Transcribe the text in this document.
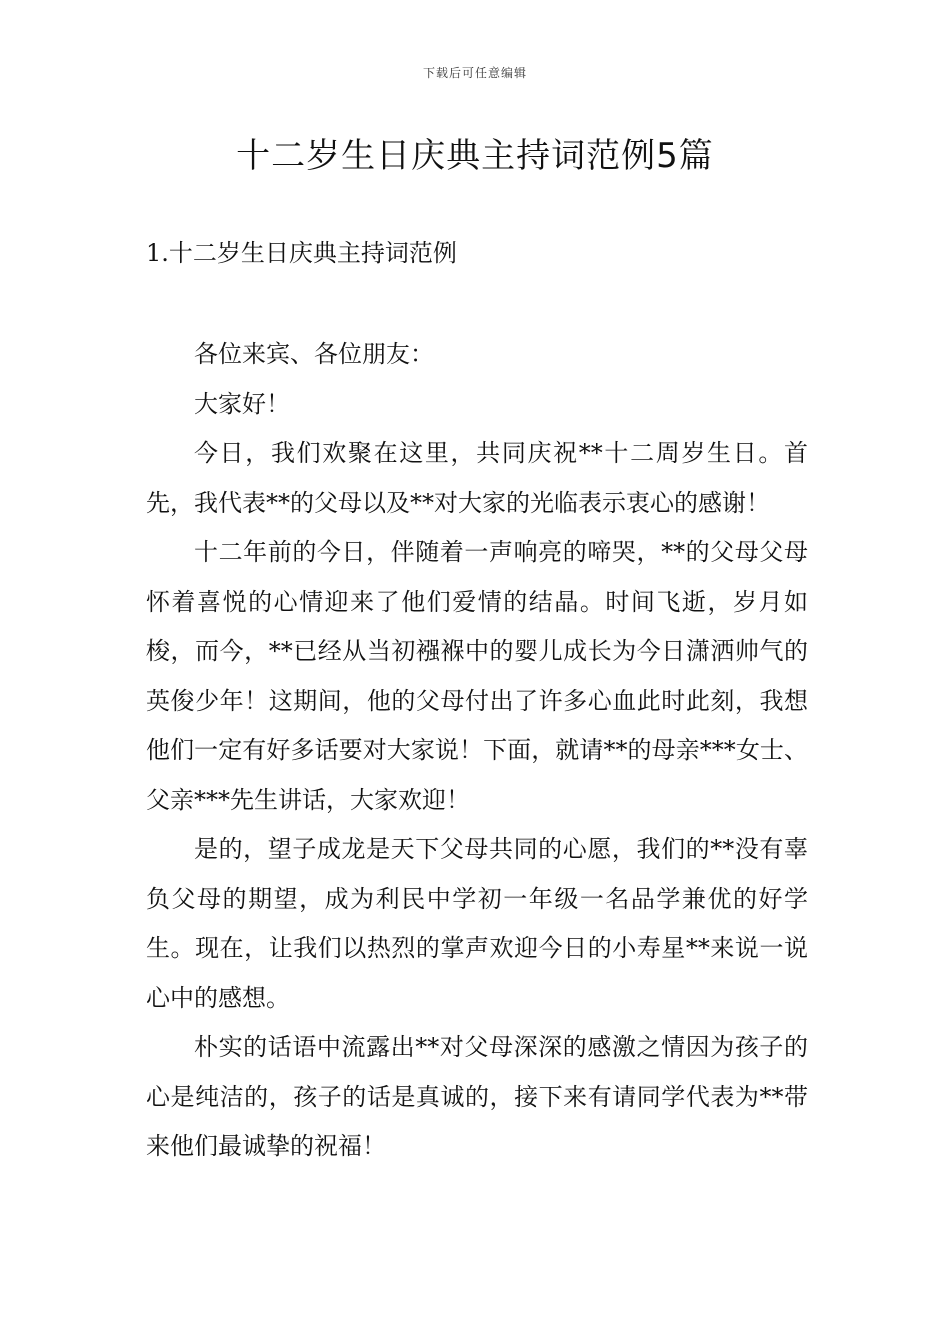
下载后可任意编辑
十二岁生日庆典主持词范例5篇
1.十二岁生日庆典主持词范例

各位来宾、各位朋友：

大家好！

今日，我们欢聚在这里，共同庆祝**十二周岁生日。首先，我代表**的父母以及**对大家的光临表示衷心的感谢！

十二年前的今日，伴随着一声响亮的啼哭，**的父母父母怀着喜悦的心情迎来了他们爱情的结晶。时间飞逝，岁月如梭，而今，**已经从当初襁褓中的婴儿成长为今日潇洒帅气的英俊少年！这期间，他的父母付出了许多心血此时此刻，我想他们一定有好多话要对大家说！下面，就请**的母亲***女士、父亲***先生讲话，大家欢迎！

是的，望子成龙是天下父母共同的心愿，我们的**没有辜负父母的期望，成为利民中学初一年级一名品学兼优的好学生。现在，让我们以热烈的掌声欢迎今日的小寿星**来说一说心中的感想。

朴实的话语中流露出**对父母深深的感激之情因为孩子的心是纯洁的，孩子的话是真诚的，接下来有请同学代表为**带来他们最诚挚的祝福！
